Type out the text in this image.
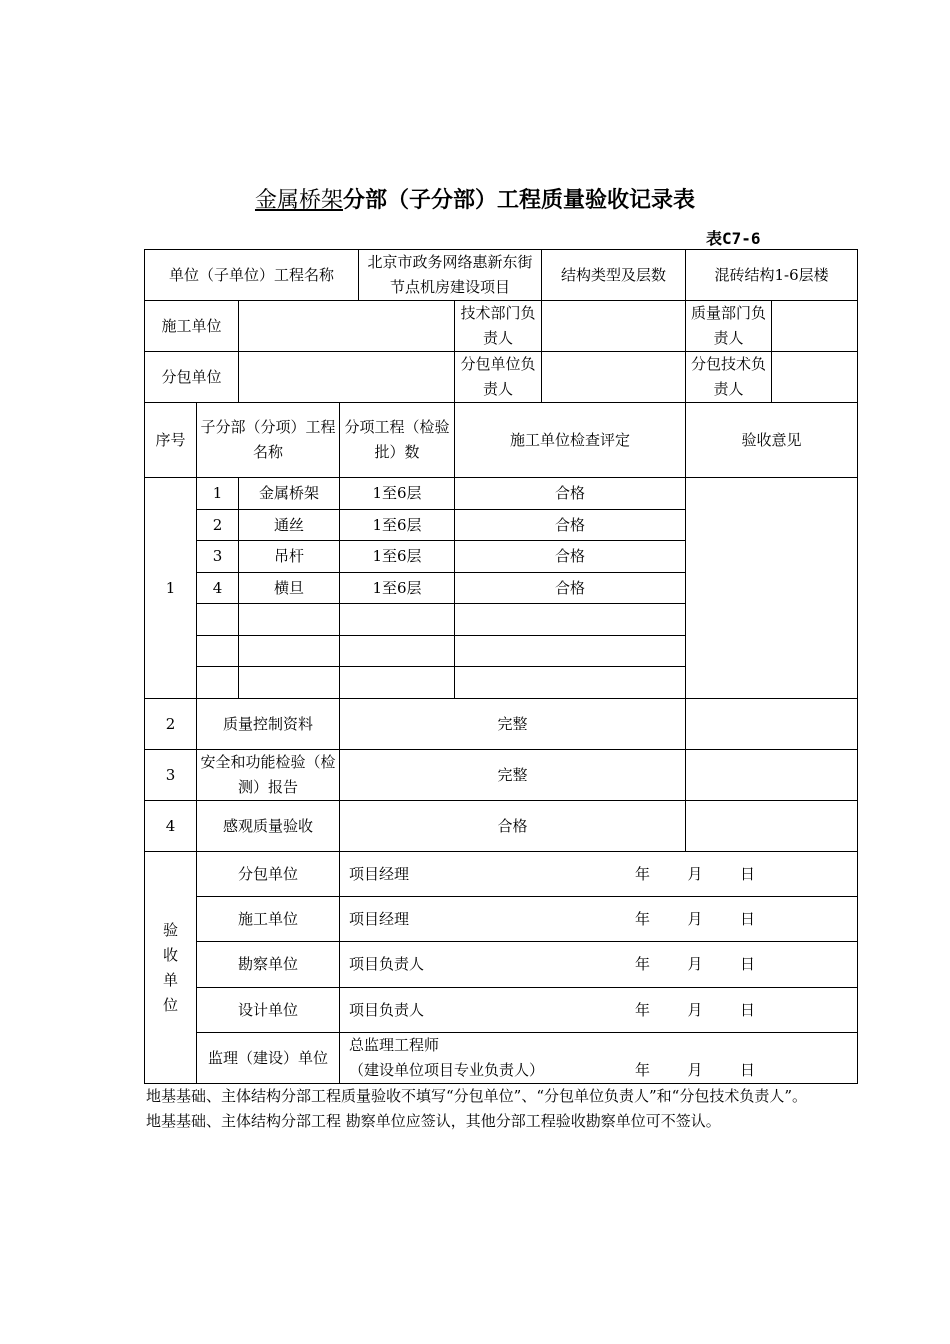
金属桥架分部（子分部）工程质量验收记录表
表C7-6
单位（子单位）工程名称				北京市政务网络惠新东街节点机房建设项目		结构类型及层数	混砖结构1-6层楼	
施工单位					技术部门负责人		质量部门负责人	
分包单位					分包单位负责人		分包技术负责人	
序号	子分部（分项）工程名称		分项工程（检验批）数		施工单位检查评定		验收意见	
1	1	金属桥架	1至6层		合格			
	2	通丝	1至6层		合格			
	3	吊杆	1至6层		合格			
	4	横旦	1至6层		合格			

2	质量控制资料		完整					
3	安全和功能检验（检测）报告		完整					
4	感观质量验收		合格					
验收单位	分包单位		项目经理 年 月 日					

	施工单位		项目经理 年 月 日					

	勘察单位		项目负责人 年 月 日					

	设计单位		项目负责人 年 月 日					

	监理（建设）单位		总监理工程师
（建设单位项目专业负责人） 年 月 日					
地基基础、主体结构分部工程质量验收不填写“分包单位”、“分包单位负责人”和“分包技术负责人”。地基基础、主体结构分部工程 勘察单位应签认，其他分部工程验收勘察单位可不签认。
